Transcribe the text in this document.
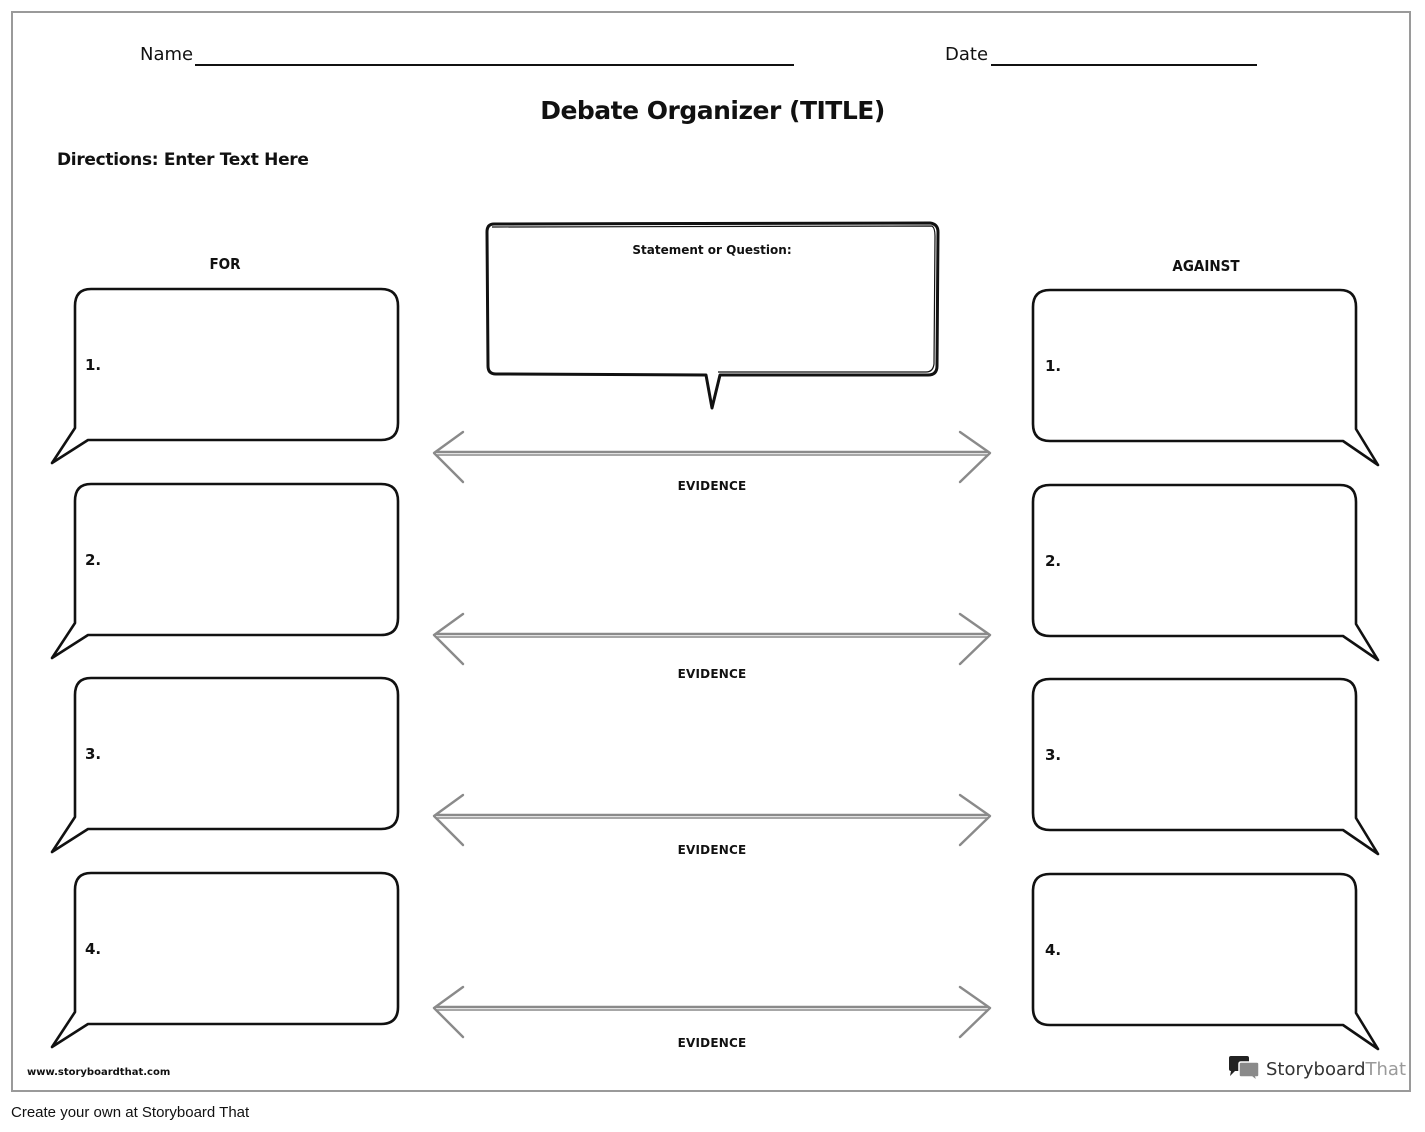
Name	Date
Debate Organizer (TITLE)
Directions: Enter Text Here
FOR	AGAINST
Statement or Question:
1.
2.
3.
4.
1.
2.
3.
4.
EVIDENCE
EVIDENCE
EVIDENCE
EVIDENCE
www.storyboardthat.com	StoryboardThat
Create your own at Storyboard That
